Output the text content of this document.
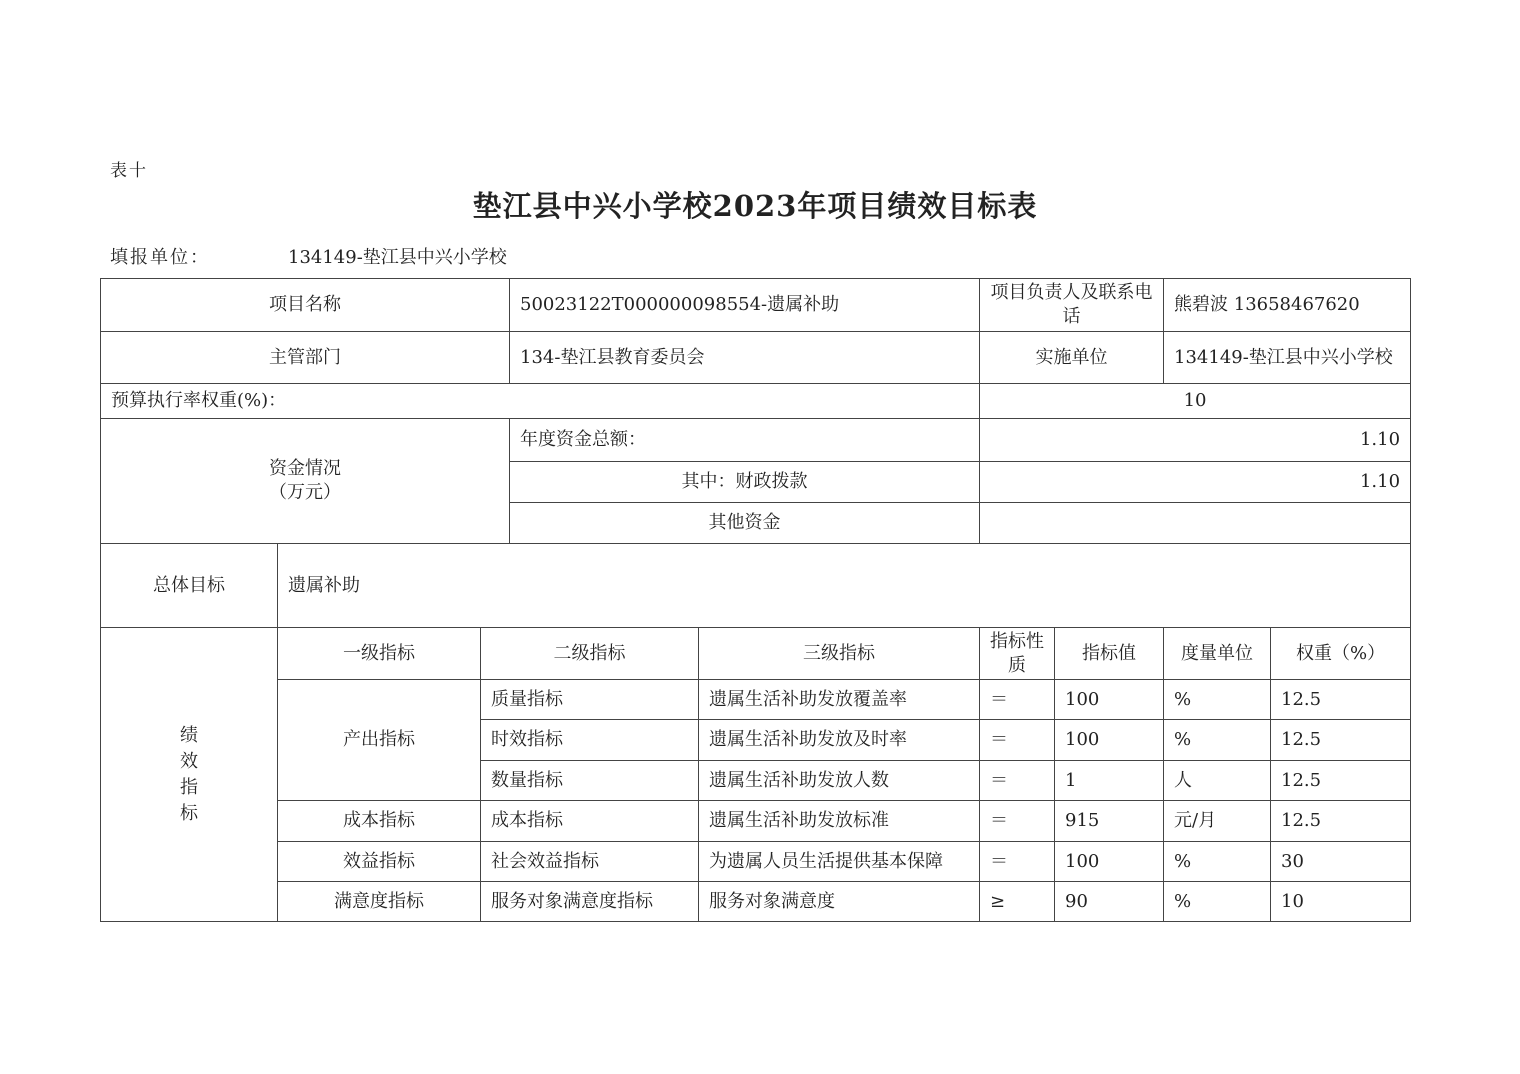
表十
垫江县中兴小学校2023年项目绩效目标表
填报单位：	134149-垫江县中兴小学校
项目名称			50023122T000000098554-遗属补助		项目负责人及联系电话		熊碧波 13658467620	
主管部门			134-垫江县教育委员会		实施单位		134149-垫江县中兴小学校	
预算执行率权重(%)：					10			
资金情况
（万元）			年度资金总额：		1.10			
			其中：财政拨款		1.10			
			其他资金					
总体目标	遗属补助							

绩
效
指
标	一级指标	二级指标		三级指标	指标性质	指标值	度量单位	权重（%）
	产出指标	质量指标		遗属生活补助发放覆盖率	＝	100	%	12.5
		时效指标		遗属生活补助发放及时率	＝	100	%	12.5
		数量指标		遗属生活补助发放人数	＝	1	人	12.5
	成本指标	成本指标		遗属生活补助发放标准	＝	915	元/月	12.5
	效益指标	社会效益指标		为遗属人员生活提供基本保障	＝	100	%	30
	满意度指标	服务对象满意度指标		服务对象满意度	≥	90	%	10
